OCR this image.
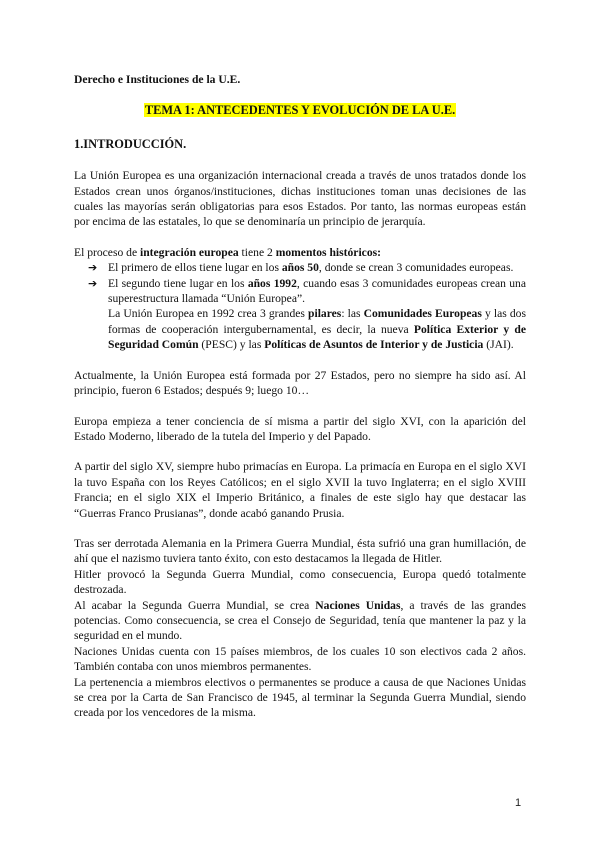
Derecho e Instituciones de la U.E.

TEMA 1: ANTECEDENTES Y EVOLUCIÓN DE LA U.E.

1.INTRODUCCIÓN.

La Unión Europea es una organización internacional creada a través de unos tratados donde los Estados crean unos órganos/instituciones, dichas instituciones toman unas decisiones de las cuales las mayorías serán obligatorias para esos Estados. Por tanto, las normas europeas están por encima de las estatales, lo que se denominaría un principio de jerarquía.

El proceso de integración europea tiene 2 momentos históricos:

➔ El primero de ellos tiene lugar en los años 50, donde se crean 3 comunidades europeas.
➔ El segundo tiene lugar en los años 1992, cuando esas 3 comunidades europeas crean una superestructura llamada “Unión Europea”.
La Unión Europea en 1992 crea 3 grandes pilares: las Comunidades Europeas y las dos formas de cooperación intergubernamental, es decir, la nueva Política Exterior y de Seguridad Común (PESC) y las Políticas de Asuntos de Interior y de Justicia (JAI).

Actualmente, la Unión Europea está formada por 27 Estados, pero no siempre ha sido así. Al principio, fueron 6 Estados; después 9; luego 10…

Europa empieza a tener conciencia de sí misma a partir del siglo XVI, con la aparición del Estado Moderno, liberado de la tutela del Imperio y del Papado.

A partir del siglo XV, siempre hubo primacías en Europa. La primacía en Europa en el siglo XVI la tuvo España con los Reyes Católicos; en el siglo XVII la tuvo Inglaterra; en el siglo XVIII Francia; en el siglo XIX el Imperio Británico, a finales de este siglo hay que destacar las “Guerras Franco Prusianas”, donde acabó ganando Prusia.

Tras ser derrotada Alemania en la Primera Guerra Mundial, ésta sufrió una gran humillación, de ahí que el nazismo tuviera tanto éxito, con esto destacamos la llegada de Hitler.

Hitler provocó la Segunda Guerra Mundial, como consecuencia, Europa quedó totalmente destrozada.

Al acabar la Segunda Guerra Mundial, se crea Naciones Unidas, a través de las grandes potencias. Como consecuencia, se crea el Consejo de Seguridad, tenía que mantener la paz y la seguridad en el mundo.

Naciones Unidas cuenta con 15 países miembros, de los cuales 10 son electivos cada 2 años. También contaba con unos miembros permanentes.

La pertenencia a miembros electivos o permanentes se produce a causa de que Naciones Unidas se crea por la Carta de San Francisco de 1945, al terminar la Segunda Guerra Mundial, siendo creada por los vencedores de la misma.

1
